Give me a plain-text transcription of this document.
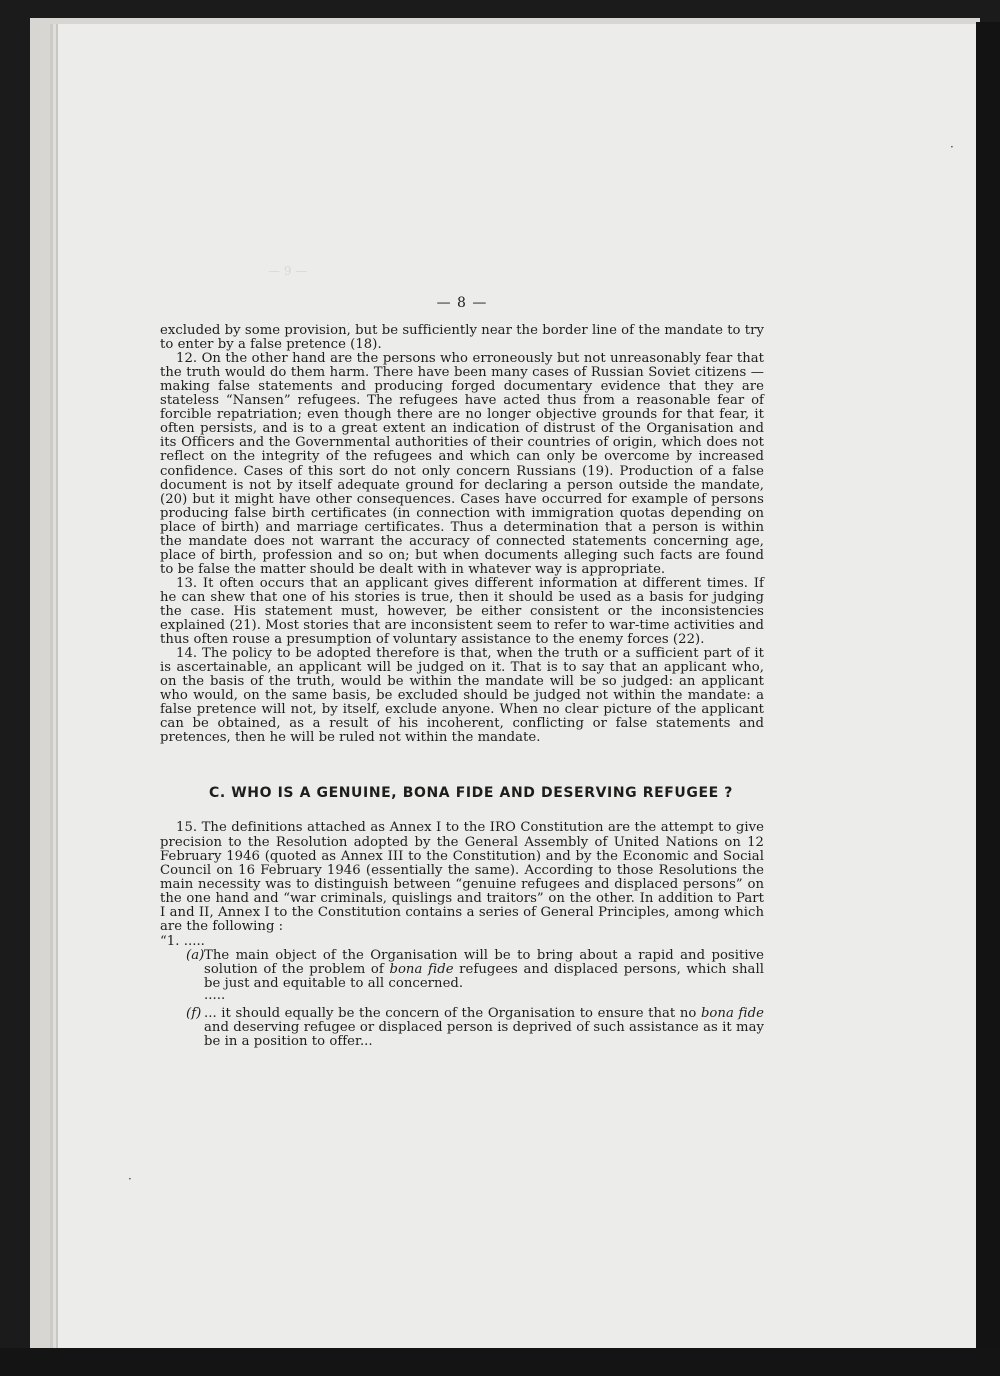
— 9 —
— 8 —

excluded by some provision, but be sufficiently near the border line of the mandate to try to enter by a false pretence (18).

12. On the other hand are the persons who erroneously but not unreasonably fear that the truth would do them harm. There have been many cases of Russian Soviet citizens — making false statements and producing forged documentary evidence that they are stateless “Nansen” refugees. The refugees have acted thus from a reasonable fear of forcible repatriation; even though there are no longer objective grounds for that fear, it often persists, and is to a great extent an indication of distrust of the Organisation and its Officers and the Governmental authorities of their countries of origin, which does not reflect on the integrity of the refugees and which can only be overcome by increased confidence. Cases of this sort do not only concern Russians (19). Production of a false document is not by itself adequate ground for declaring a person outside the mandate, (20) but it might have other consequences. Cases have occurred for example of persons producing false birth certificates (in connection with immigration quotas depending on place of birth) and marriage certificates. Thus a determination that a person is within the mandate does not warrant the accuracy of connected statements concerning age, place of birth, profession and so on; but when documents alleging such facts are found to be false the matter should be dealt with in whatever way is appropriate.

13. It often occurs that an applicant gives different information at different times. If he can shew that one of his stories is true, then it should be used as a basis for judging the case. His statement must, however, be either consistent or the inconsistencies explained (21). Most stories that are inconsistent seem to refer to war-time activities and thus often rouse a presumption of voluntary assistance to the enemy forces (22).

14. The policy to be adopted therefore is that, when the truth or a sufficient part of it is ascertainable, an applicant will be judged on it. That is to say that an applicant who, on the basis of the truth, would be within the mandate will be so judged: an applicant who would, on the same basis, be excluded should be judged not within the mandate: a false pretence will not, by itself, exclude anyone. When no clear picture of the applicant can be obtained, as a result of his incoherent, conflicting or false statements and pretences, then he will be ruled not within the mandate.

C. WHO IS A GENUINE, BONA FIDE AND DESERVING REFUGEE ?

15. The definitions attached as Annex I to the IRO Constitution are the attempt to give precision to the Resolution adopted by the General Assembly of United Nations on 12 February 1946 (quoted as Annex III to the Constitution) and by the Economic and Social Council on 16 February 1946 (essentially the same). According to those Resolutions the main necessity was to distinguish between “genuine refugees and displaced persons” on the one hand and “war criminals, quislings and traitors” on the other. In addition to Part I and II, Annex I to the Constitution contains a series of General Principles, among which are the following :

“1. .....

(a) The main object of the Organisation will be to bring about a rapid and positive solution of the problem of bona fide refugees and displaced persons, which shall be just and equitable to all concerned.

.....

(f) ... it should equally be the concern of the Organisation to ensure that no bona fide and deserving refugee or displaced person is deprived of such assistance as it may be in a position to offer...

·
·
